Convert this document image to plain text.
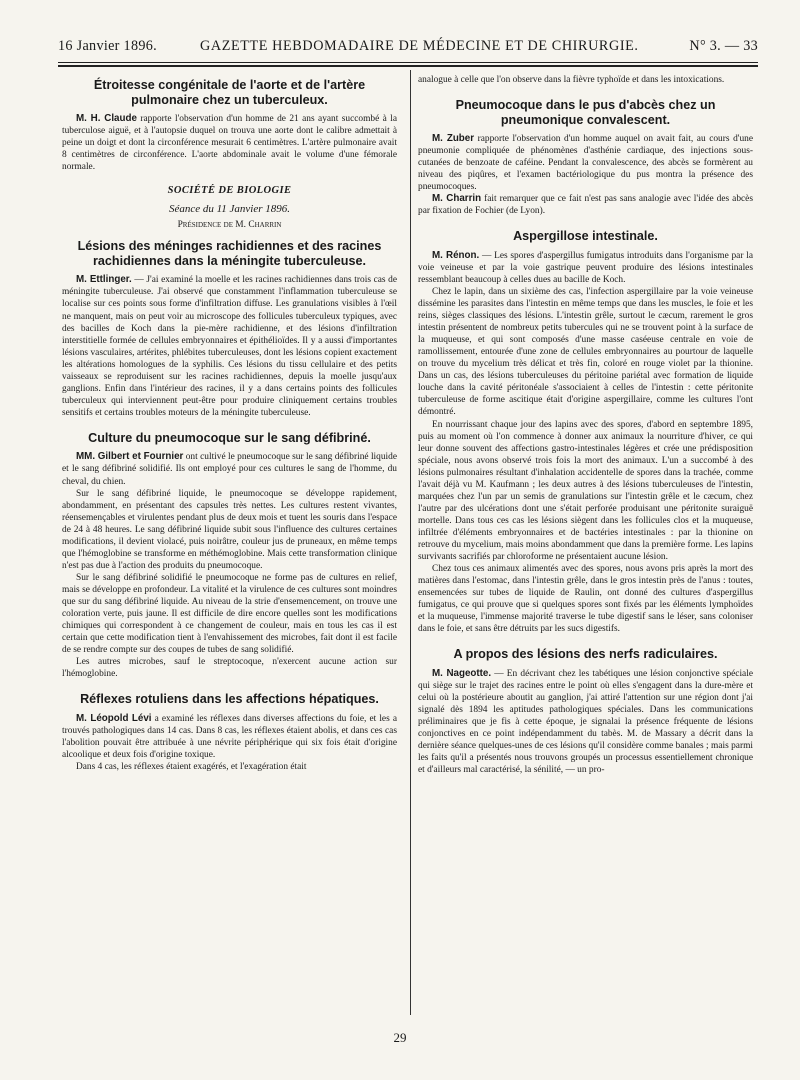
16 Janvier 1896.	GAZETTE HEBDOMADAIRE DE MÉDECINE ET DE CHIRURGIE.	N° 3. — 33
Étroitesse congénitale de l'aorte et de l'artère pulmonaire chez un tuberculeux.

M. H. Claude rapporte l'observation d'un homme de 21 ans ayant succombé à la tuberculose aiguë, et à l'autopsie duquel on trouva une aorte dont le calibre admettait à peine un doigt et dont la circonférence mesurait 6 centimètres. L'artère pulmonaire avait 8 centimètres de circonférence. L'aorte abdominale avait le volume d'une fémorale normale.

SOCIÉTÉ DE BIOLOGIE
Séance du 11 Janvier 1896.
Présidence de M. Charrin
Lésions des méninges rachidiennes et des racines rachidiennes dans la méningite tuberculeuse.

M. Ettlinger. — J'ai examiné la moelle et les racines rachidiennes dans trois cas de méningite tuberculeuse. J'ai observé que constamment l'inflammation tuberculeuse se localise sur ces points sous forme d'infiltration diffuse. Les granulations visibles à l'œil ne manquent, mais on peut voir au microscope des follicules tuberculeux typiques, avec des bacilles de Koch dans la pie-mère rachidienne, et des lésions d'infiltration interstitielle formée de cellules embryonnaires et épithélioïdes. Il y a aussi d'importantes lésions vasculaires, artérites, phlébites tuberculeuses, dont les lésions copient exactement les altérations homologues de la syphilis. Ces lésions du tissu cellulaire et des petits vaisseaux se reproduisent sur les racines rachidiennes, depuis la moelle jusqu'aux ganglions. Enfin dans l'intérieur des racines, il y a dans certains points des follicules tuberculeux qui interviennent peut-être pour produire cliniquement certains troubles sensitifs et certains troubles moteurs de la méningite tuberculeuse.

Culture du pneumocoque sur le sang défibriné.

MM. Gilbert et Fournier ont cultivé le pneumocoque sur le sang défibriné liquide et le sang défibriné solidifié. Ils ont employé pour ces cultures le sang de l'homme, du cheval, du chien.

Sur le sang défibriné liquide, le pneumocoque se développe rapidement, abondamment, en présentant des capsules très nettes. Les cultures restent vivantes, réensemençables et virulentes pendant plus de deux mois et tuent les souris dans l'espace de 24 à 48 heures. Le sang défibriné liquide subit sous l'influence des cultures certaines modifications, il devient violacé, puis noirâtre, couleur jus de pruneaux, en même temps que l'hémoglobine se transforme en méthémoglobine. Mais cette transformation clinique n'est pas due à l'action des produits du pneumocoque.

Sur le sang défibriné solidifié le pneumocoque ne forme pas de cultures en relief, mais se développe en profondeur. La vitalité et la virulence de ces cultures sont moindres que sur du sang défibriné liquide. Au niveau de la strie d'ensemencement, on trouve une coloration verte, puis jaune. Il est difficile de dire encore quelles sont les modifications chimiques qui correspondent à ce changement de couleur, mais en tous les cas il est certain que cette modification tient à l'envahissement des microbes, fait dont il est facile de se rendre compte sur des coupes de tubes de sang solidifié.

Les autres microbes, sauf le streptocoque, n'exercent aucune action sur l'hémoglobine.

Réflexes rotuliens dans les affections hépatiques.

M. Léopold Lévi a examiné les réflexes dans diverses affections du foie, et les a trouvés pathologiques dans 14 cas. Dans 8 cas, les réflexes étaient abolis, et dans ces cas l'abolition pouvait être attribuée à une névrite périphérique qui six fois était d'origine alcoolique et deux fois d'origine toxique.

Dans 4 cas, les réflexes étaient exagérés, et l'exagération était

analogue à celle que l'on observe dans la fièvre typhoïde et dans les intoxications.

Pneumocoque dans le pus d'abcès chez un pneumonique convalescent.

M. Zuber rapporte l'observation d'un homme auquel on avait fait, au cours d'une pneumonie compliquée de phénomènes d'asthénie cardiaque, des injections sous-cutanées de benzoate de caféine. Pendant la convalescence, des abcès se formèrent au niveau des piqûres, et l'examen bactériologique du pus montra la présence des pneumocoques.

M. Charrin fait remarquer que ce fait n'est pas sans analogie avec l'idée des abcès par fixation de Fochier (de Lyon).

Aspergillose intestinale.

M. Rénon. — Les spores d'aspergillus fumigatus introduits dans l'organisme par la voie veineuse et par la voie gastrique peuvent produire des lésions intestinales ressemblant beaucoup à celles dues au bacille de Koch.

Chez le lapin, dans un sixième des cas, l'infection aspergillaire par la voie veineuse dissémine les parasites dans l'intestin en même temps que dans les muscles, le foie et les reins, sièges classiques des lésions. L'intestin grêle, surtout le cæcum, rarement le gros intestin présentent de nombreux petits tubercules qui ne se trouvent point à la surface de la muqueuse, et qui sont composés d'une masse caséeuse centrale en voie de ramollissement, entourée d'une zone de cellules embryonnaires au pourtour de laquelle on trouve du mycelium très délicat et très fin, coloré en rouge violet par la thionine. Dans un cas, des lésions tuberculeuses du péritoine pariétal avec formation de liquide louche dans la cavité péritonéale s'associaient à celles de l'intestin : cette péritonite tuberculeuse de forme ascitique était d'origine aspergillaire, comme les cultures l'ont démontré.

En nourrissant chaque jour des lapins avec des spores, d'abord en septembre 1895, puis au moment où l'on commence à donner aux animaux la nourriture d'hiver, ce qui leur donne souvent des affections gastro-intestinales légères et crée une prédisposition spéciale, nous avons observé trois fois la mort des animaux. L'un a succombé à des lésions pulmonaires résultant d'inhalation accidentelle de spores dans la trachée, comme l'avait déjà vu M. Kaufmann ; les deux autres à des lésions tuberculeuses de l'intestin, marquées chez l'un par un semis de granulations sur l'intestin grêle et le cæcum, chez l'autre par des ulcérations dont une s'était perforée produisant une péritonite suraiguë mortelle. Dans tous ces cas les lésions siègent dans les follicules clos et la muqueuse, infiltrée d'éléments embryonnaires et de bactéries intestinales : par la thionine on retrouve du mycelium, mais moins abondamment que dans la première forme. Les lapins survivants sacrifiés par chloroforme ne présentaient aucune lésion.

Chez tous ces animaux alimentés avec des spores, nous avons pris après la mort des matières dans l'estomac, dans l'intestin grêle, dans le gros intestin près de l'anus : toutes, ensemencées sur tubes de liquide de Raulin, ont donné des cultures d'aspergillus fumigatus, ce qui prouve que si quelques spores sont fixés par les éléments lymphoïdes et la muqueuse, l'immense majorité traverse le tube digestif sans le léser, sans coloniser dans le foie, et sans être détruits par les sucs digestifs.

A propos des lésions des nerfs radiculaires.

M. Nageotte. — En décrivant chez les tabétiques une lésion conjonctive spéciale qui siège sur le trajet des racines entre le point où elles s'engagent dans la dure-mère et celui où la postérieure aboutit au ganglion, j'ai attiré l'attention sur une région dont j'ai signalé dès 1894 les aptitudes pathologiques spéciales. Dans les communications préliminaires que je fis à cette époque, je signalai la présence fréquente de lésions conjonctives en ce point indépendamment du tabès. M. de Massary a décrit dans la dernière séance quelques-unes de ces lésions qu'il considère comme banales ; mais parmi les faits qu'il a présentés nous trouvons groupés un processus essentiellement chronique et d'ailleurs mal caractérisé, la sénilité, — un pro-

29
